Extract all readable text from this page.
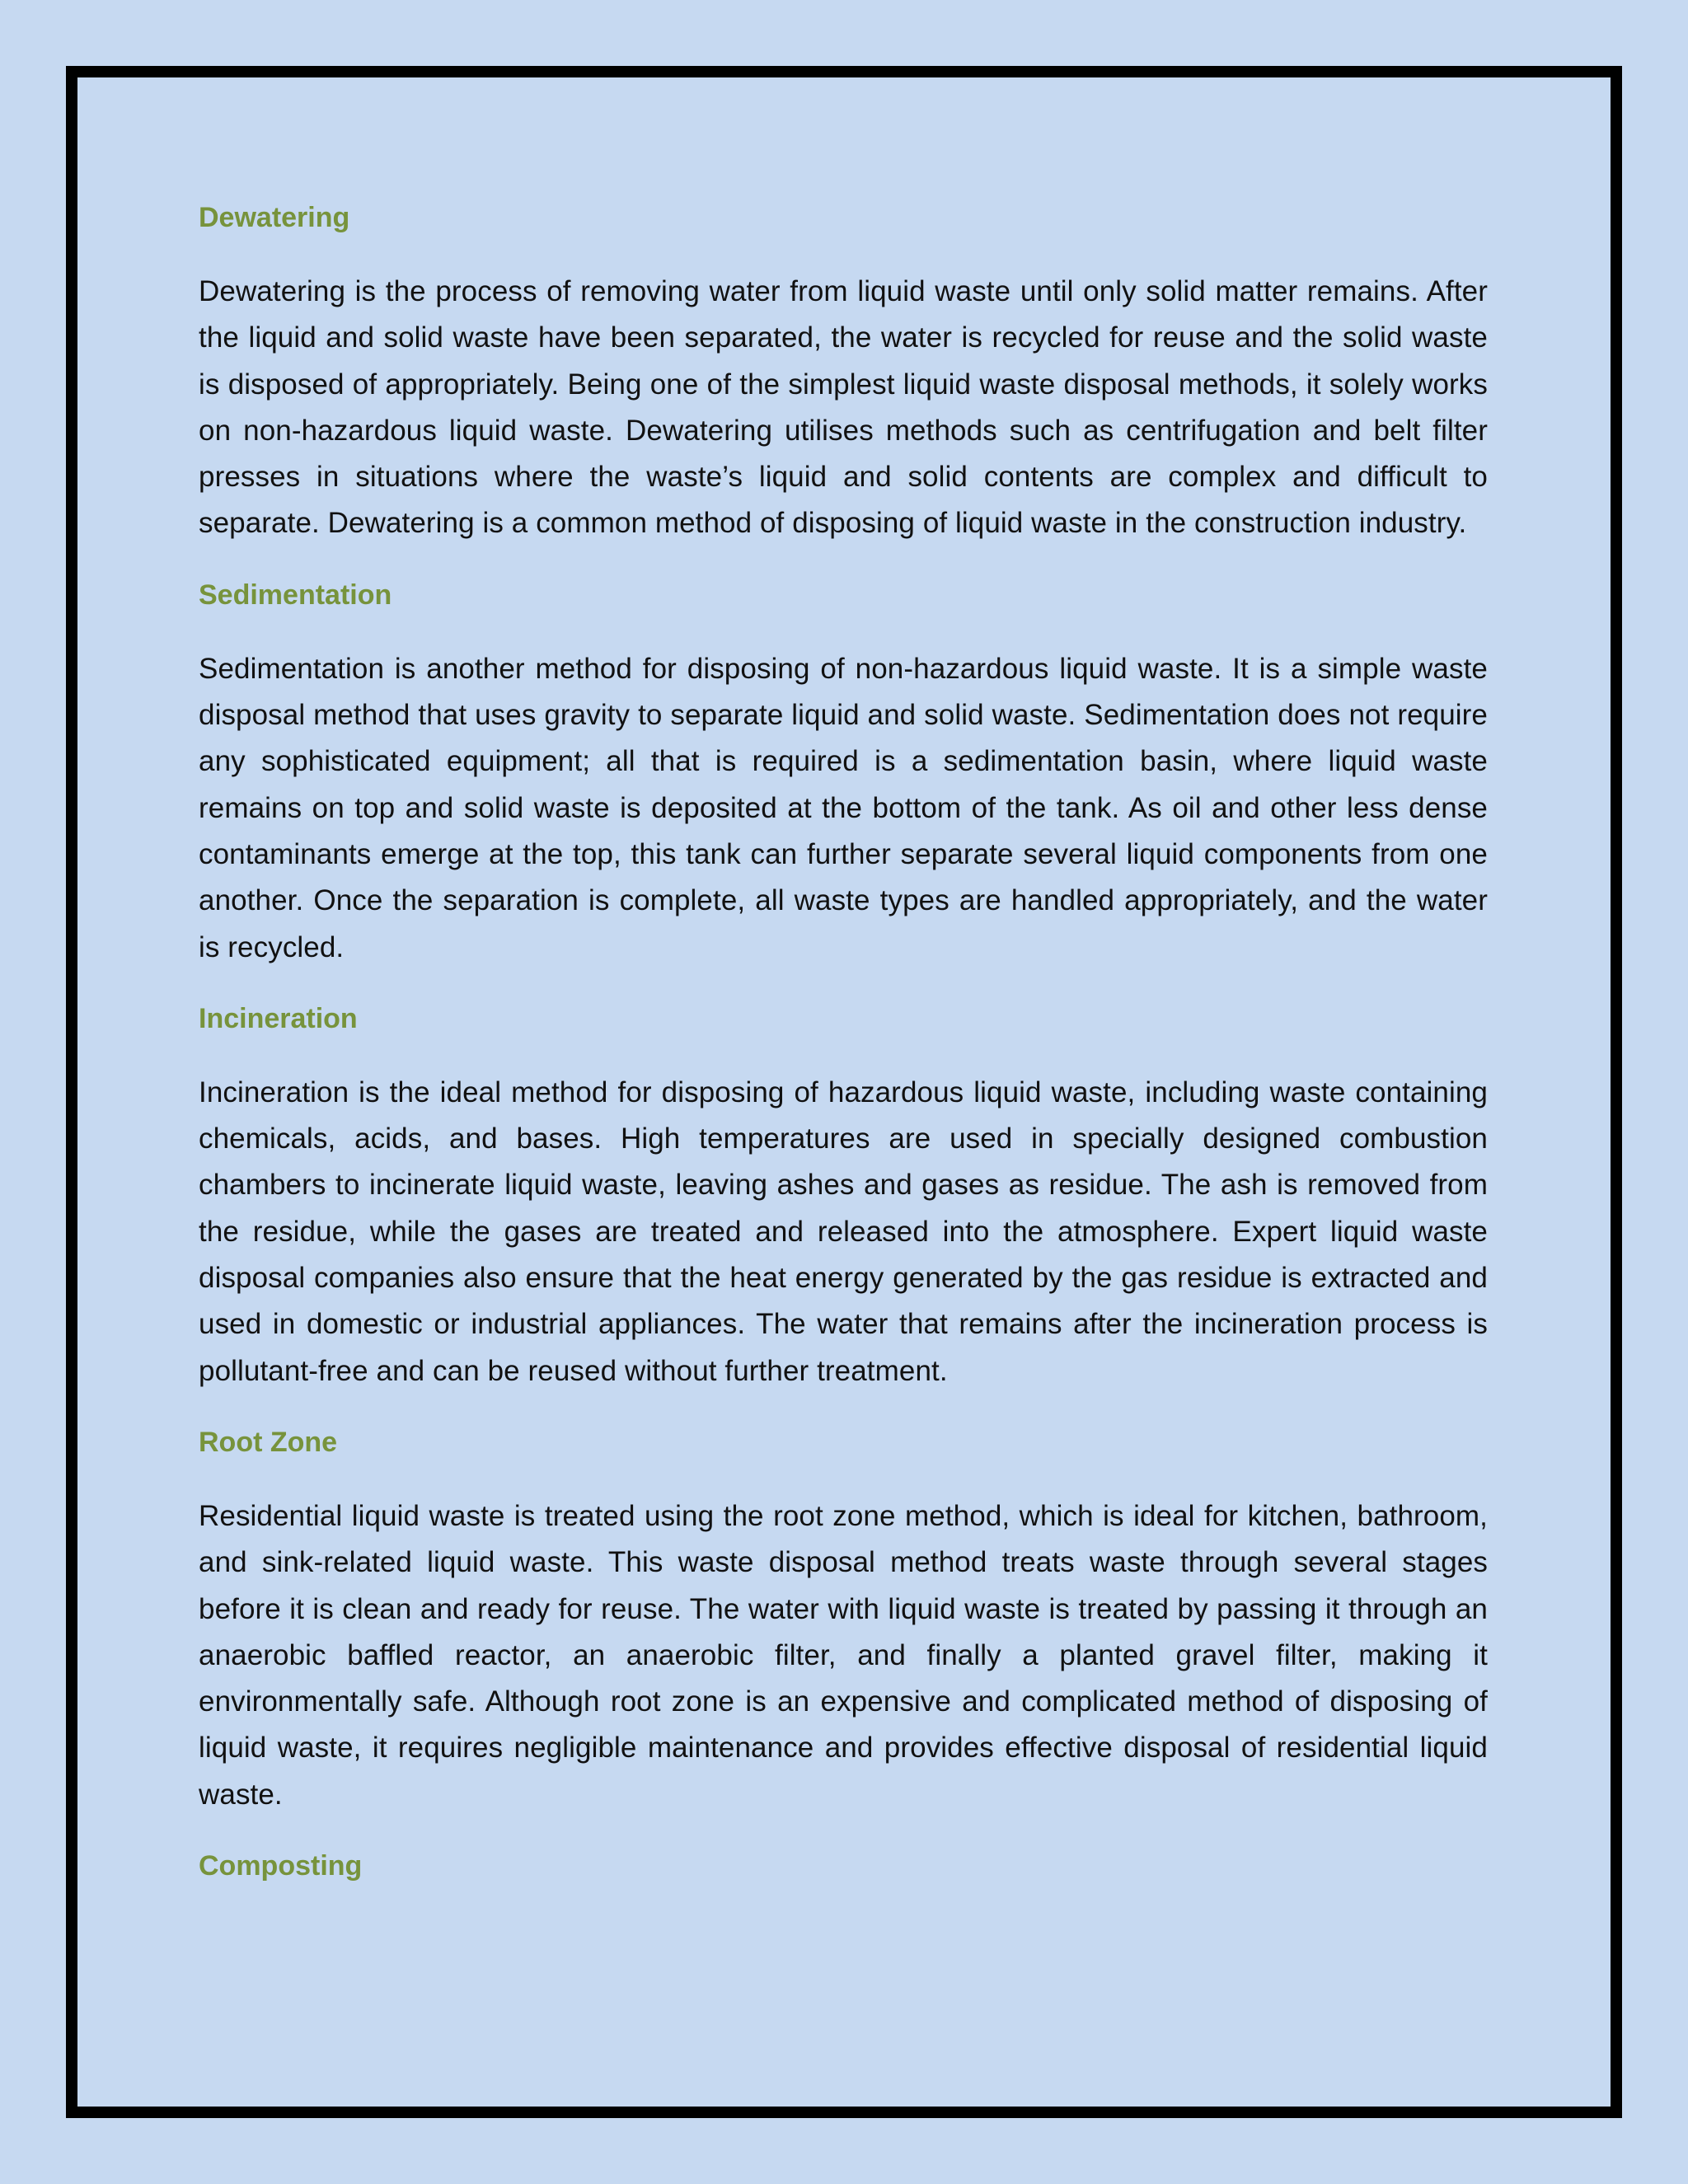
Dewatering

Dewatering is the process of removing water from liquid waste until only solid matter remains. After the liquid and solid waste have been separated, the water is recycled for reuse and the solid waste is disposed of appropriately. Being one of the simplest liquid waste disposal methods, it solely works on non-hazardous liquid waste. Dewatering utilises methods such as centrifugation and belt filter presses in situations where the waste’s liquid and solid contents are complex and difficult to separate. Dewatering is a common method of disposing of liquid waste in the construction industry.

Sedimentation

Sedimentation is another method for disposing of non-hazardous liquid waste. It is a simple waste disposal method that uses gravity to separate liquid and solid waste. Sedimentation does not require any sophisticated equipment; all that is required is a sedimentation basin, where liquid waste remains on top and solid waste is deposited at the bottom of the tank. As oil and other less dense contaminants emerge at the top, this tank can further separate several liquid components from one another. Once the separation is complete, all waste types are handled appropriately, and the water is recycled.

Incineration

Incineration is the ideal method for disposing of hazardous liquid waste, including waste containing chemicals, acids, and bases. High temperatures are used in specially designed combustion chambers to incinerate liquid waste, leaving ashes and gases as residue. The ash is removed from the residue, while the gases are treated and released into the atmosphere. Expert liquid waste disposal companies also ensure that the heat energy generated by the gas residue is extracted and used in domestic or industrial appliances. The water that remains after the incineration process is pollutant-free and can be reused without further treatment.

Root Zone

Residential liquid waste is treated using the root zone method, which is ideal for kitchen, bathroom, and sink-related liquid waste. This waste disposal method treats waste through several stages before it is clean and ready for reuse. The water with liquid waste is treated by passing it through an anaerobic baffled reactor, an anaerobic filter, and finally a planted gravel filter, making it environmentally safe. Although root zone is an expensive and complicated method of disposing of liquid waste, it requires negligible maintenance and provides effective disposal of residential liquid waste.

Composting
